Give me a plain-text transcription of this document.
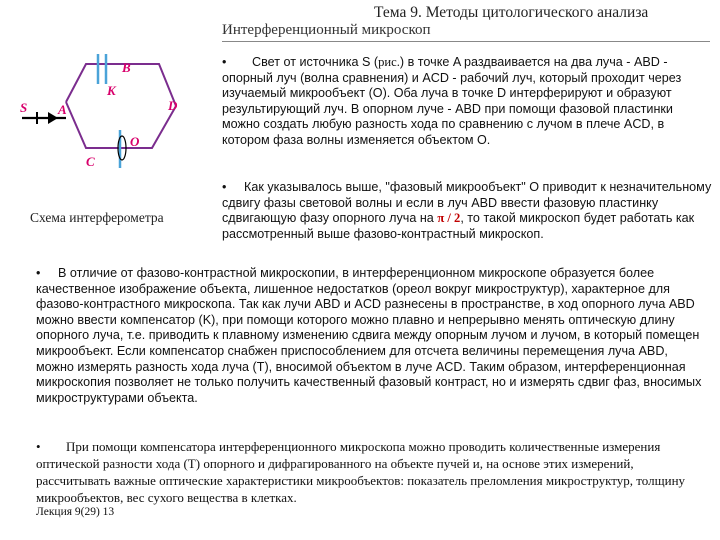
Тема 9. Методы цитологического анализа
Интерференционный микроскоп
S A
B
K
D
O
C
Схема интерферометра
• Свет от источника S (рис.) в точке A раздваивается на два луча - ABD - опорный луч (волна сравнения) и ACD - рабочий луч, который проходит через изучаемый микрообъект (O). Оба луча в точке D интерферируют и образуют результирующий луч. В опорном луче - ABD при помощи фазовой пластинки можно создать любую разность хода по сравнению с лучом в плече ACD, в котором фаза волны изменяется объектом O.
• Как указывалось выше, "фазовый микрообъект" O приводит к незначительному сдвигу фазы световой волны и если в луч ABD ввести фазовую пластинку сдвигающую фазу опорного луча на π / 2, то такой микроскоп будет работать как рассмотренный выше фазово-контрастный микроскоп.
• В отличие от фазово-контрастной микроскопии, в интерференционном микроскопе образуется более качественное изображение объекта, лишенное недостатков (ореол вокруг микроструктур), характерное для фазово-контрастного микроскопа. Так как лучи ABD и ACD разнесены в пространстве, в ход опорного луча ABD можно ввести компенсатор (K), при помощи которого можно плавно и непрерывно менять оптическую длину опорного луча, т.е. приводить к плавному изменению сдвига между опорным лучом и лучом, в который помещен микрообъект. Если компенсатор снабжен приспособлением для отсчета величины перемещения луча ABD, можно измерять разность хода луча (T), вносимой объектом в луче ACD. Таким образом, интерференционная микроскопия позволяет не только получить качественный фазовый контраст, но и измерять сдвиг фаз, вносимых микроструктурами объекта.
• При помощи компенсатора интерференционного микроскопа можно проводить количественные измерения оптической разности хода (T) опорного и дифрагированного на объекте пучей и, на основе этих измерений, рассчитывать важные оптические характеристики микрообъектов: показатель преломления микроструктур, толщину микрообъектов, вес сухого вещества в клетках.
Лекция 9(29) 13
